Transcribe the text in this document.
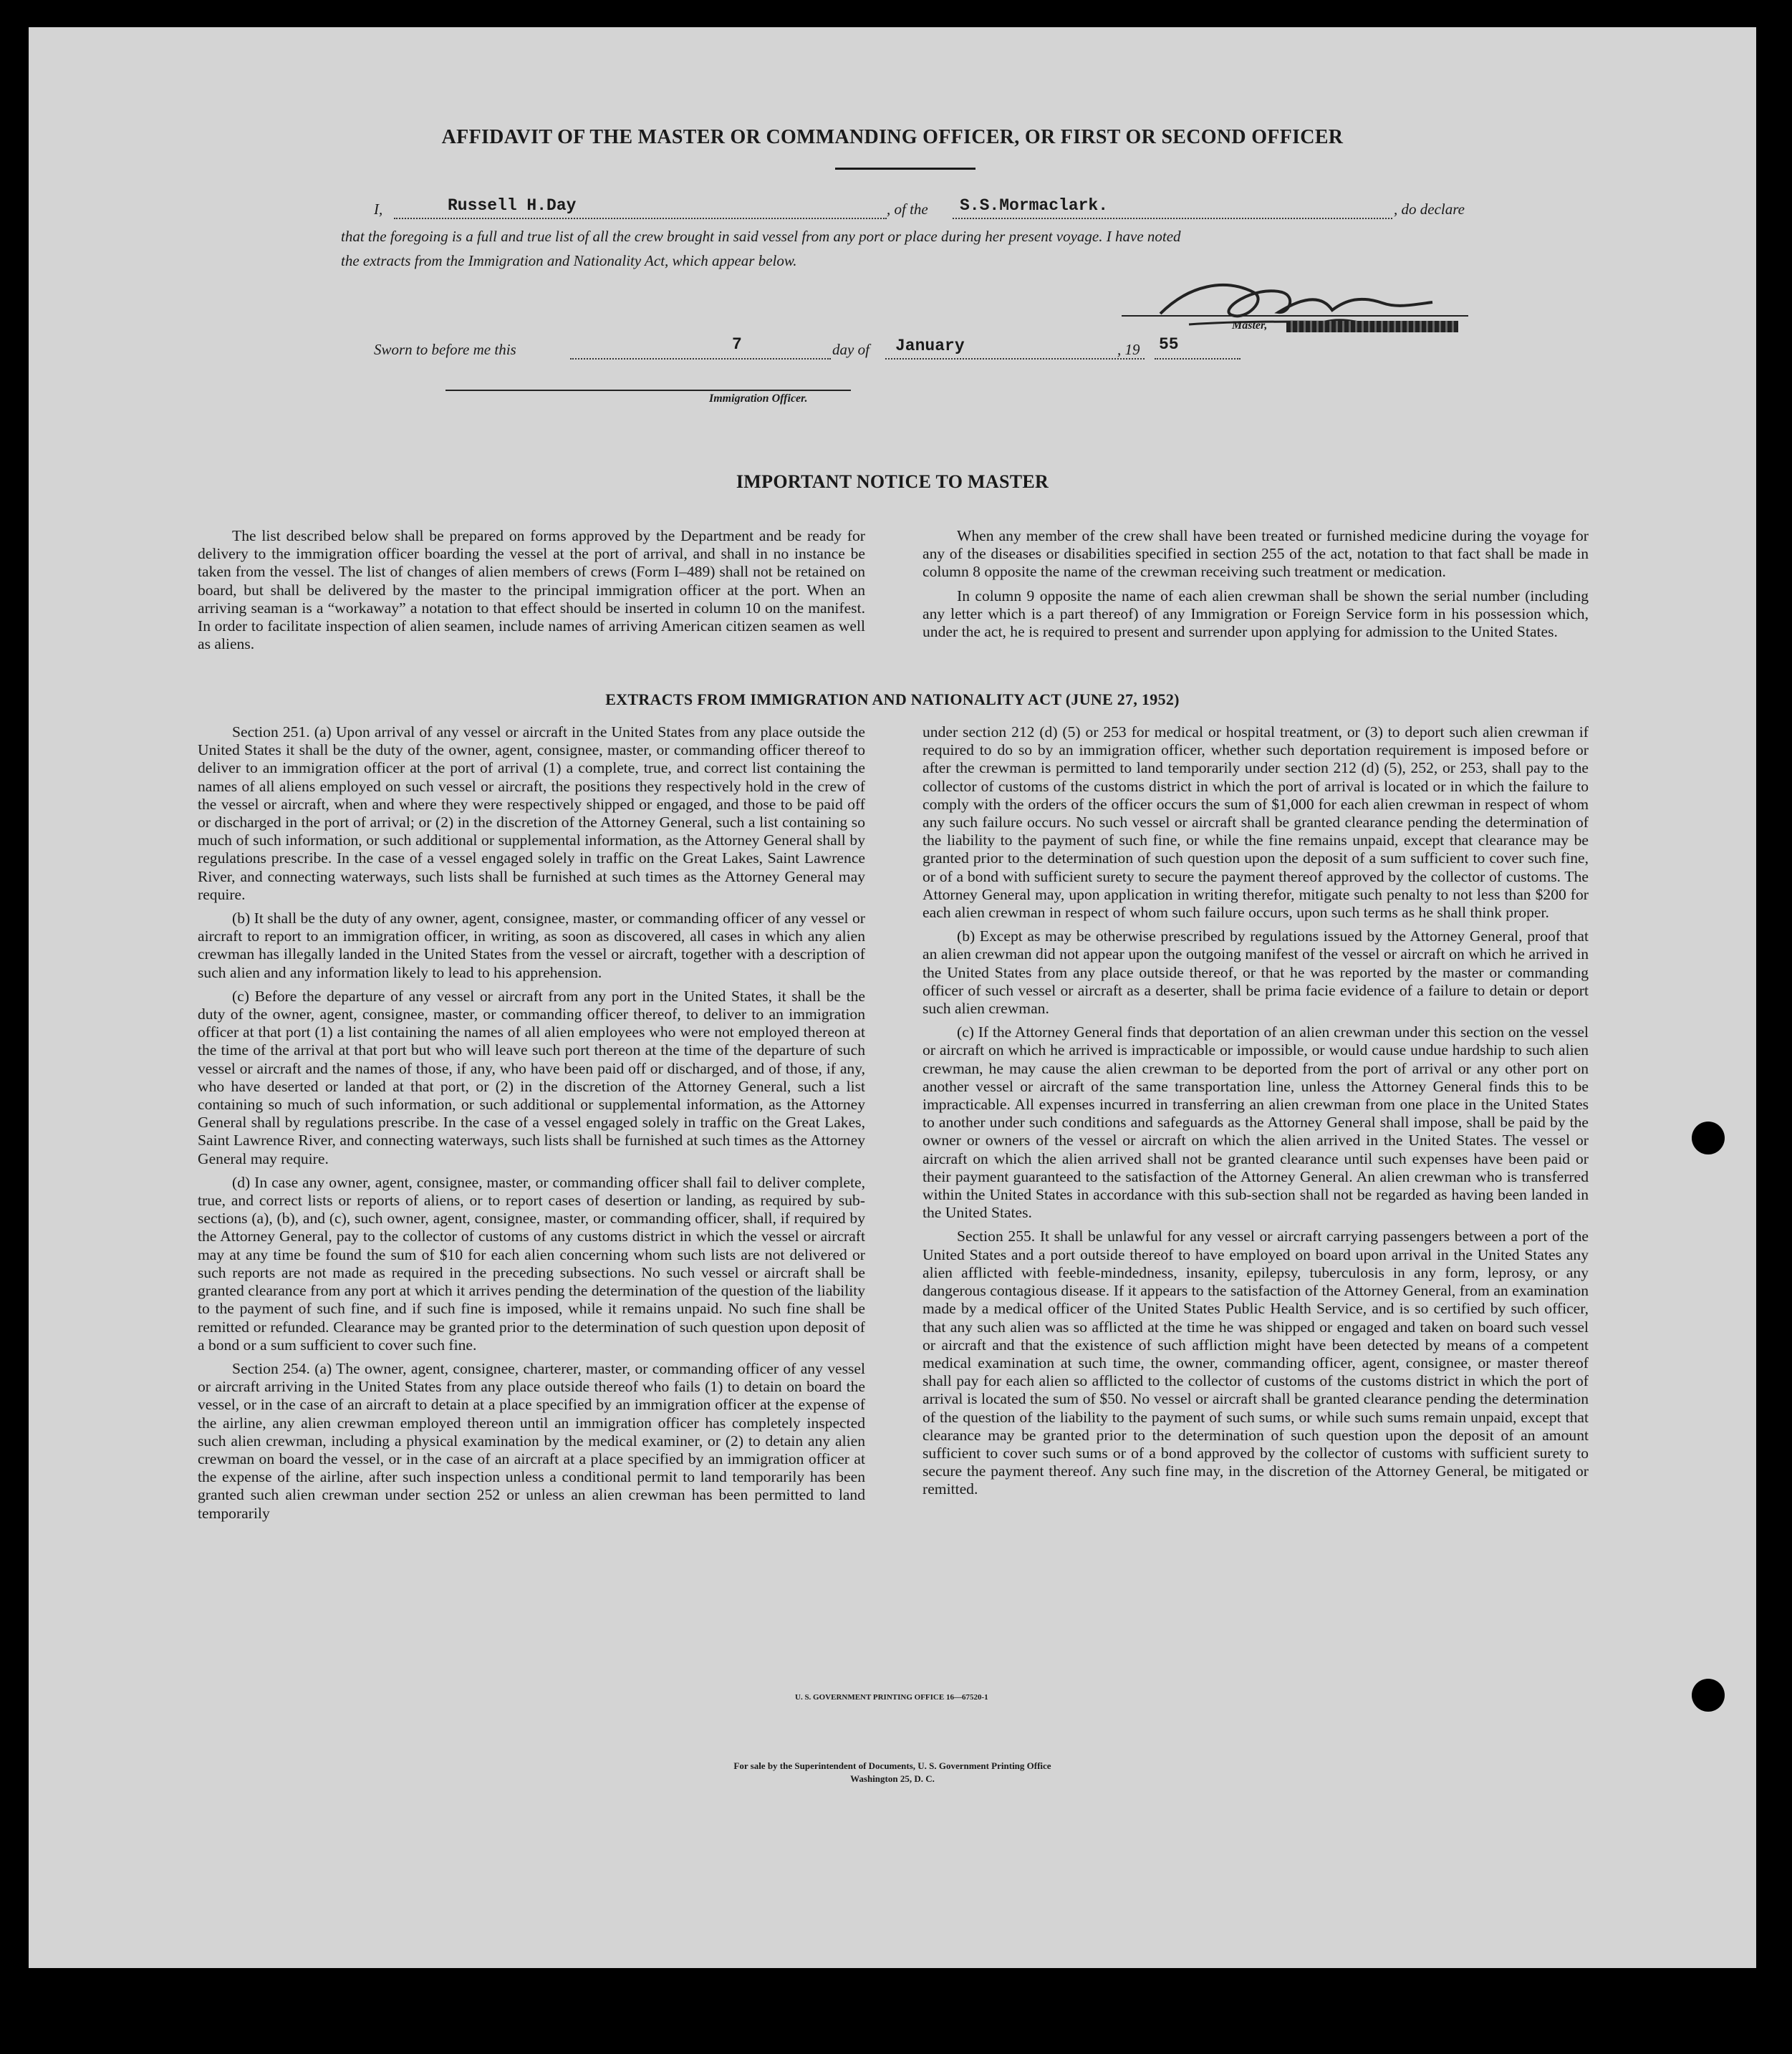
AFFIDAVIT OF THE MASTER OR COMMANDING OFFICER, OR FIRST OR SECOND OFFICER
I,	Russell H.Day	, of the S.S.Mormaclark.	, do declare
that the foregoing is a full and true list of all the crew brought in said vessel from any port or place during her present voyage. I have noted
the extracts from the Immigration and Nationality Act, which appear below.
Master,
Sworn to before me this	7	day of January	, 19 55
Immigration Officer.
IMPORTANT NOTICE TO MASTER

The list described below shall be prepared on forms approved by the Department and be ready for delivery to the immigration officer boarding the vessel at the port of arrival, and shall in no instance be taken from the vessel. The list of changes of alien members of crews (Form I–489) shall not be retained on board, but shall be delivered by the master to the principal immigration officer at the port. When an arriving seaman is a “workaway” a notation to that effect should be inserted in column 10 on the manifest. In order to facilitate inspection of alien seamen, include names of arriving American citizen seamen as well as aliens.

When any member of the crew shall have been treated or furnished medicine during the voyage for any of the diseases or disabilities specified in section 255 of the act, notation to that fact shall be made in column 8 opposite the name of the crewman receiving such treatment or medication.

In column 9 opposite the name of each alien crewman shall be shown the serial number (including any letter which is a part thereof) of any Immigration or Foreign Service form in his possession which, under the act, he is required to present and surrender upon applying for admission to the United States.

EXTRACTS FROM IMMIGRATION AND NATIONALITY ACT (JUNE 27, 1952)

Section 251. (a) Upon arrival of any vessel or aircraft in the United States from any place outside the United States it shall be the duty of the owner, agent, consignee, master, or commanding officer thereof to deliver to an immigration officer at the port of arrival (1) a complete, true, and correct list containing the names of all aliens employed on such vessel or aircraft, the positions they respectively hold in the crew of the vessel or aircraft, when and where they were respectively shipped or engaged, and those to be paid off or discharged in the port of arrival; or (2) in the discretion of the Attorney General, such a list containing so much of such information, or such additional or supplemental information, as the Attorney General shall by regulations prescribe. In the case of a vessel engaged solely in traffic on the Great Lakes, Saint Lawrence River, and connecting waterways, such lists shall be furnished at such times as the Attorney General may require.

(b) It shall be the duty of any owner, agent, consignee, master, or commanding officer of any vessel or aircraft to report to an immigration officer, in writing, as soon as discovered, all cases in which any alien crewman has illegally landed in the United States from the vessel or aircraft, together with a description of such alien and any information likely to lead to his apprehension.

(c) Before the departure of any vessel or aircraft from any port in the United States, it shall be the duty of the owner, agent, consignee, master, or commanding officer thereof, to deliver to an immigration officer at that port (1) a list containing the names of all alien employees who were not employed thereon at the time of the arrival at that port but who will leave such port thereon at the time of the departure of such vessel or aircraft and the names of those, if any, who have been paid off or discharged, and of those, if any, who have deserted or landed at that port, or (2) in the discretion of the Attorney General, such a list containing so much of such information, or such additional or supplemental information, as the Attorney General shall by regulations prescribe. In the case of a vessel engaged solely in traffic on the Great Lakes, Saint Lawrence River, and connecting waterways, such lists shall be furnished at such times as the Attorney General may require.

(d) In case any owner, agent, consignee, master, or commanding officer shall fail to deliver complete, true, and correct lists or reports of aliens, or to report cases of desertion or landing, as required by sub-sections (a), (b), and (c), such owner, agent, consignee, master, or commanding officer, shall, if required by the Attorney General, pay to the collector of customs of any customs district in which the vessel or aircraft may at any time be found the sum of $10 for each alien concerning whom such lists are not delivered or such reports are not made as required in the preceding subsections. No such vessel or aircraft shall be granted clearance from any port at which it arrives pending the determination of the question of the liability to the payment of such fine, and if such fine is imposed, while it remains unpaid. No such fine shall be remitted or refunded. Clearance may be granted prior to the determination of such question upon deposit of a bond or a sum sufficient to cover such fine.

Section 254. (a) The owner, agent, consignee, charterer, master, or commanding officer of any vessel or aircraft arriving in the United States from any place outside thereof who fails (1) to detain on board the vessel, or in the case of an aircraft to detain at a place specified by an immigration officer at the expense of the airline, any alien crewman employed thereon until an immigration officer has completely inspected such alien crewman, including a physical examination by the medical examiner, or (2) to detain any alien crewman on board the vessel, or in the case of an aircraft at a place specified by an immigration officer at the expense of the airline, after such inspection unless a conditional permit to land temporarily has been granted such alien crewman under section 252 or unless an alien crewman has been permitted to land temporarily

under section 212 (d) (5) or 253 for medical or hospital treatment, or (3) to deport such alien crewman if required to do so by an immigration officer, whether such deportation requirement is imposed before or after the crewman is permitted to land temporarily under section 212 (d) (5), 252, or 253, shall pay to the collector of customs of the customs district in which the port of arrival is located or in which the failure to comply with the orders of the officer occurs the sum of $1,000 for each alien crewman in respect of whom any such failure occurs. No such vessel or aircraft shall be granted clearance pending the determination of the liability to the payment of such fine, or while the fine remains unpaid, except that clearance may be granted prior to the determination of such question upon the deposit of a sum sufficient to cover such fine, or of a bond with sufficient surety to secure the payment thereof approved by the collector of customs. The Attorney General may, upon application in writing therefor, mitigate such penalty to not less than $200 for each alien crewman in respect of whom such failure occurs, upon such terms as he shall think proper.

(b) Except as may be otherwise prescribed by regulations issued by the Attorney General, proof that an alien crewman did not appear upon the outgoing manifest of the vessel or aircraft on which he arrived in the United States from any place outside thereof, or that he was reported by the master or commanding officer of such vessel or aircraft as a deserter, shall be prima facie evidence of a failure to detain or deport such alien crewman.

(c) If the Attorney General finds that deportation of an alien crewman under this section on the vessel or aircraft on which he arrived is impracticable or impossible, or would cause undue hardship to such alien crewman, he may cause the alien crewman to be deported from the port of arrival or any other port on another vessel or aircraft of the same transportation line, unless the Attorney General finds this to be impracticable. All expenses incurred in transferring an alien crewman from one place in the United States to another under such conditions and safeguards as the Attorney General shall impose, shall be paid by the owner or owners of the vessel or aircraft on which the alien arrived in the United States. The vessel or aircraft on which the alien arrived shall not be granted clearance until such expenses have been paid or their payment guaranteed to the satisfaction of the Attorney General. An alien crewman who is transferred within the United States in accordance with this sub-section shall not be regarded as having been landed in the United States.

Section 255. It shall be unlawful for any vessel or aircraft carrying passengers between a port of the United States and a port outside thereof to have employed on board upon arrival in the United States any alien afflicted with feeble-mindedness, insanity, epilepsy, tuberculosis in any form, leprosy, or any dangerous contagious disease. If it appears to the satisfaction of the Attorney General, from an examination made by a medical officer of the United States Public Health Service, and is so certified by such officer, that any such alien was so afflicted at the time he was shipped or engaged and taken on board such vessel or aircraft and that the existence of such affliction might have been detected by means of a competent medical examination at such time, the owner, commanding officer, agent, consignee, or master thereof shall pay for each alien so afflicted to the collector of customs of the customs district in which the port of arrival is located the sum of $50. No vessel or aircraft shall be granted clearance pending the determination of the question of the liability to the payment of such sums, or while such sums remain unpaid, except that clearance may be granted prior to the determination of such question upon the deposit of an amount sufficient to cover such sums or of a bond approved by the collector of customs with sufficient surety to secure the payment thereof. Any such fine may, in the discretion of the Attorney General, be mitigated or remitted.

U. S. GOVERNMENT PRINTING OFFICE 16—67520-1
For sale by the Superintendent of Documents, U. S. Government Printing Office
Washington 25, D. C.
